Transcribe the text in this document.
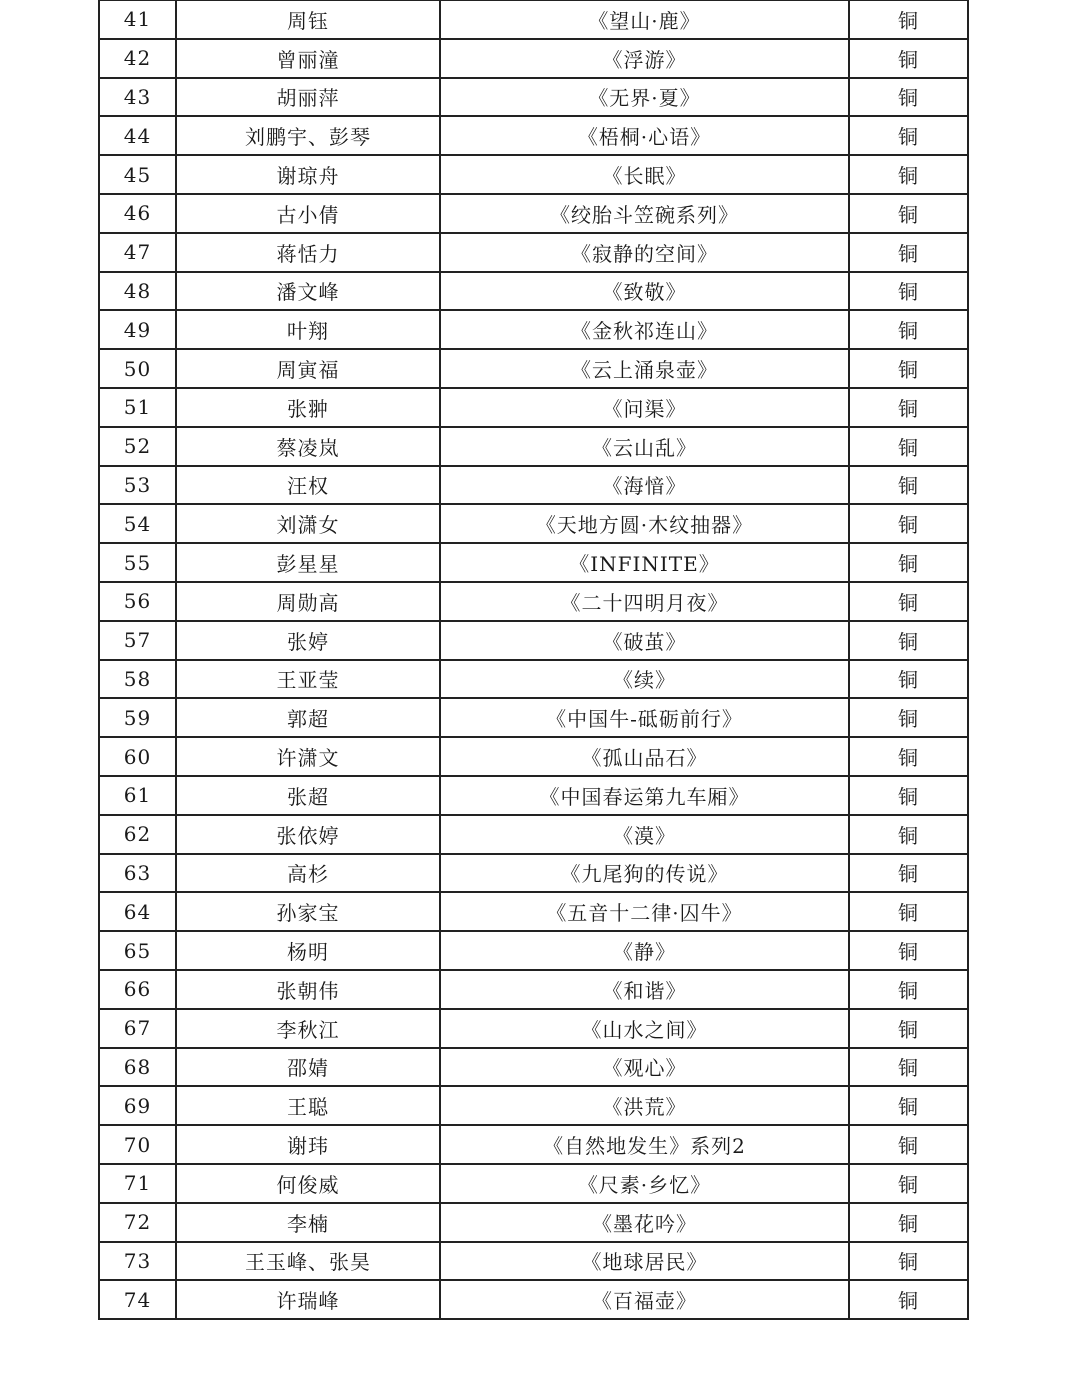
41	周钰	《望山·鹿》	铜
42	曾丽潼	《浮游》	铜
43	胡丽萍	《无界·夏》	铜
44	刘鹏宇、彭琴	《梧桐·心语》	铜
45	谢琼舟	《长眠》	铜
46	古小倩	《绞胎斗笠碗系列》	铜
47	蒋恬力	《寂静的空间》	铜
48	潘文峰	《致敬》	铜
49	叶翔	《金秋祁连山》	铜
50	周寅福	《云上涌泉壶》	铜
51	张翀	《问渠》	铜
52	蔡凌岚	《云山乱》	铜
53	汪权	《海愔》	铜
54	刘潇女	《天地方圆·木纹抽器》	铜
55	彭星星	《INFINITE》	铜
56	周勋高	《二十四明月夜》	铜
57	张婷	《破茧》	铜
58	王亚莹	《续》	铜
59	郭超	《中国牛-砥砺前行》	铜
60	许潇文	《孤山品石》	铜
61	张超	《中国春运第九车厢》	铜
62	张依婷	《漠》	铜
63	高杉	《九尾狗的传说》	铜
64	孙家宝	《五音十二律·囚牛》	铜
65	杨明	《静》	铜
66	张朝伟	《和谐》	铜
67	李秋江	《山水之间》	铜
68	邵婧	《观心》	铜
69	王聪	《洪荒》	铜
70	谢玮	《自然地发生》系列2	铜
71	何俊威	《尺素·乡忆》	铜
72	李楠	《墨花吟》	铜
73	王玉峰、张昊	《地球居民》	铜
74	许瑞峰	《百福壶》	铜
